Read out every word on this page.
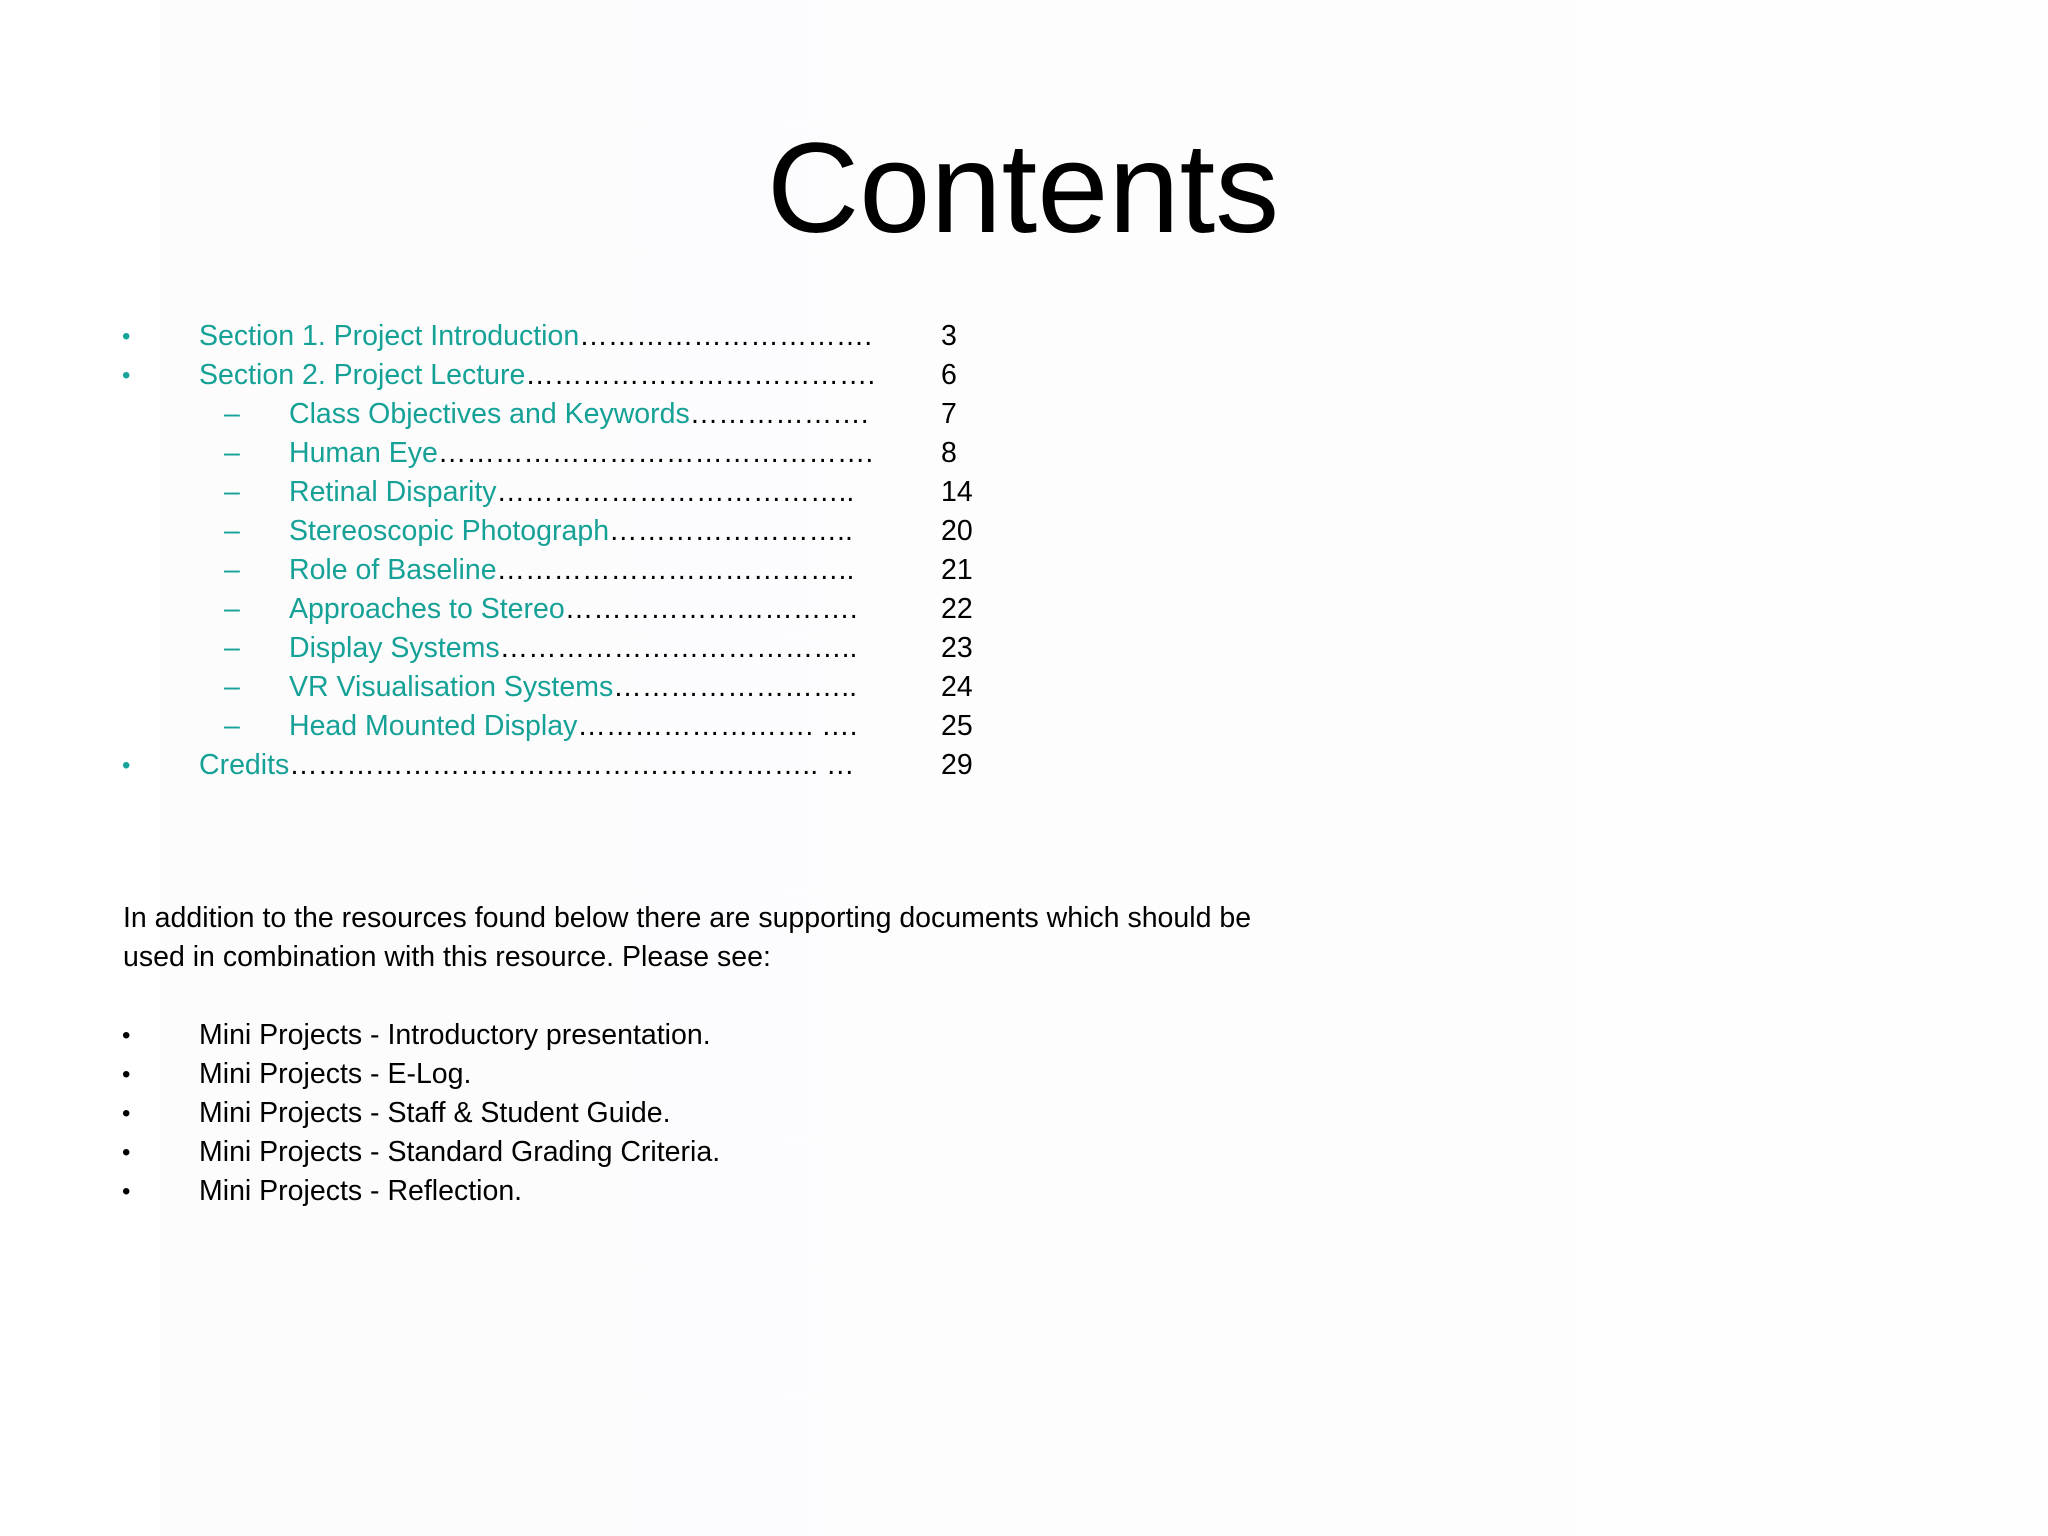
Contents
• Section 1. Project Introduction…………………………. 3
• Section 2. Project Lecture………………………………. 6
– Class Objectives and Keywords……………….	7
– Human Eye………………………………………. 8
– Retinal Disparity………………………………..	14
– Stereoscopic Photograph……………………..	20
– Role of Baseline………………………………..	21
– Approaches to Stereo………………………….	22
– Display Systems………………………………..	23
– VR Visualisation Systems……………………..	24
– Head Mounted Display……………………. ….	25
• Credits……………………………………………….. …	29

In addition to the resources found below there are supporting documents which should be
used in combination with this resource. Please see:

• Mini Projects - Introductory presentation.
• Mini Projects - E-Log.
• Mini Projects - Staff & Student Guide.
• Mini Projects - Standard Grading Criteria.
• Mini Projects - Reflection.
